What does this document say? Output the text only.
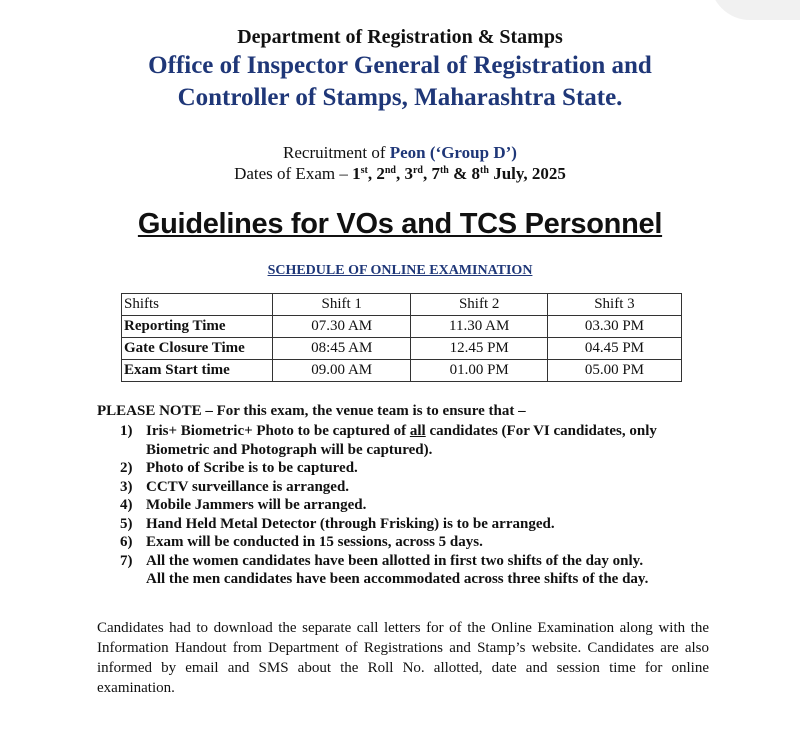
Department of Registration & Stamps
Office of Inspector General of Registration and
Controller of Stamps, Maharashtra State.
Recruitment of Peon (‘Group D’)
Dates of Exam – 1st, 2nd, 3rd, 7th & 8th July, 2025
Guidelines for VOs and TCS Personnel
SCHEDULE OF ONLINE EXAMINATION
Shifts	Shift 1	Shift 2	Shift 3
Reporting Time	07.30 AM	11.30 AM	03.30 PM
Gate Closure Time	08:45 AM	12.45 PM	04.45 PM
Exam Start time	09.00 AM	01.00 PM	05.00 PM
PLEASE NOTE – For this exam, the venue team is to ensure that –
1) Iris+ Biometric+ Photo to be captured of all candidates (For VI candidates, only
Biometric and Photograph will be captured).
2) Photo of Scribe is to be captured.
3) CCTV surveillance is arranged.
4) Mobile Jammers will be arranged.
5) Hand Held Metal Detector (through Frisking) is to be arranged.
6) Exam will be conducted in 15 sessions, across 5 days.
7) All the women candidates have been allotted in first two shifts of the day only.
All the men candidates have been accommodated across three shifts of the day.
Candidates had to download the separate call letters for of the Online Examination along with the Information Handout from Department of Registrations and Stamp’s website. Candidates are also informed by email and SMS about the Roll No. allotted, date and session time for online examination.
